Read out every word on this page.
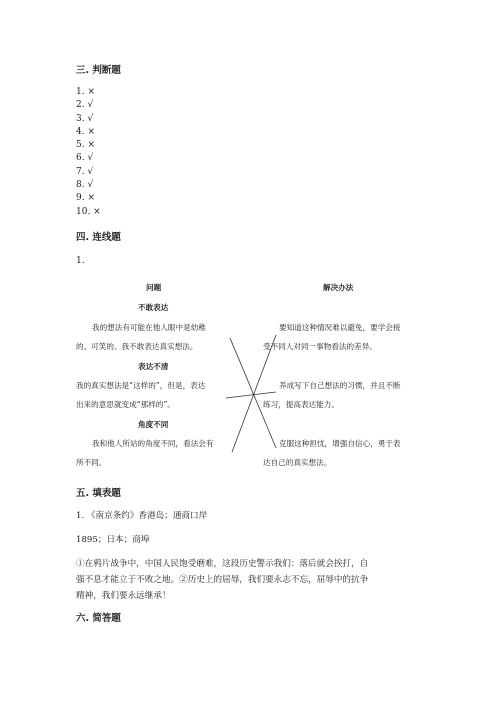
三. 判断题
1. ×
2. √
3. √
4. ×
5. ×
6. √
7. √
8. √
9. ×
10. ×
四. 连线题
1.
问题	解决办法
不敢表达
我的想法有可能在他人眼中是幼稚
的、可笑的。我不敢表达真实想法。
表达不清
我的真实想法是“这样的”，但是，表达
出来的意思就变成“那样的”。
角度不同
我和他人所站的角度不同，看法会有
所不同。
要知道这种情况难以避免，要学会接
受不同人对同一事物看法的差异。
养成写下自己想法的习惯，并且不断
练习，提高表达能力。
克服这种担忧，增强自信心，勇于表
达自己的真实想法。
五. 填表题
1. 《南京条约》香港岛；通商口岸
1895；日本；商埠
①在鸦片战争中，中国人民饱受磨难，这段历史警示我们：落后就会挨打，自
强不息才能立于不败之地。②历史上的屈辱，我们要永志不忘，屈辱中的抗争
精神，我们要永远继承！
六. 简答题
